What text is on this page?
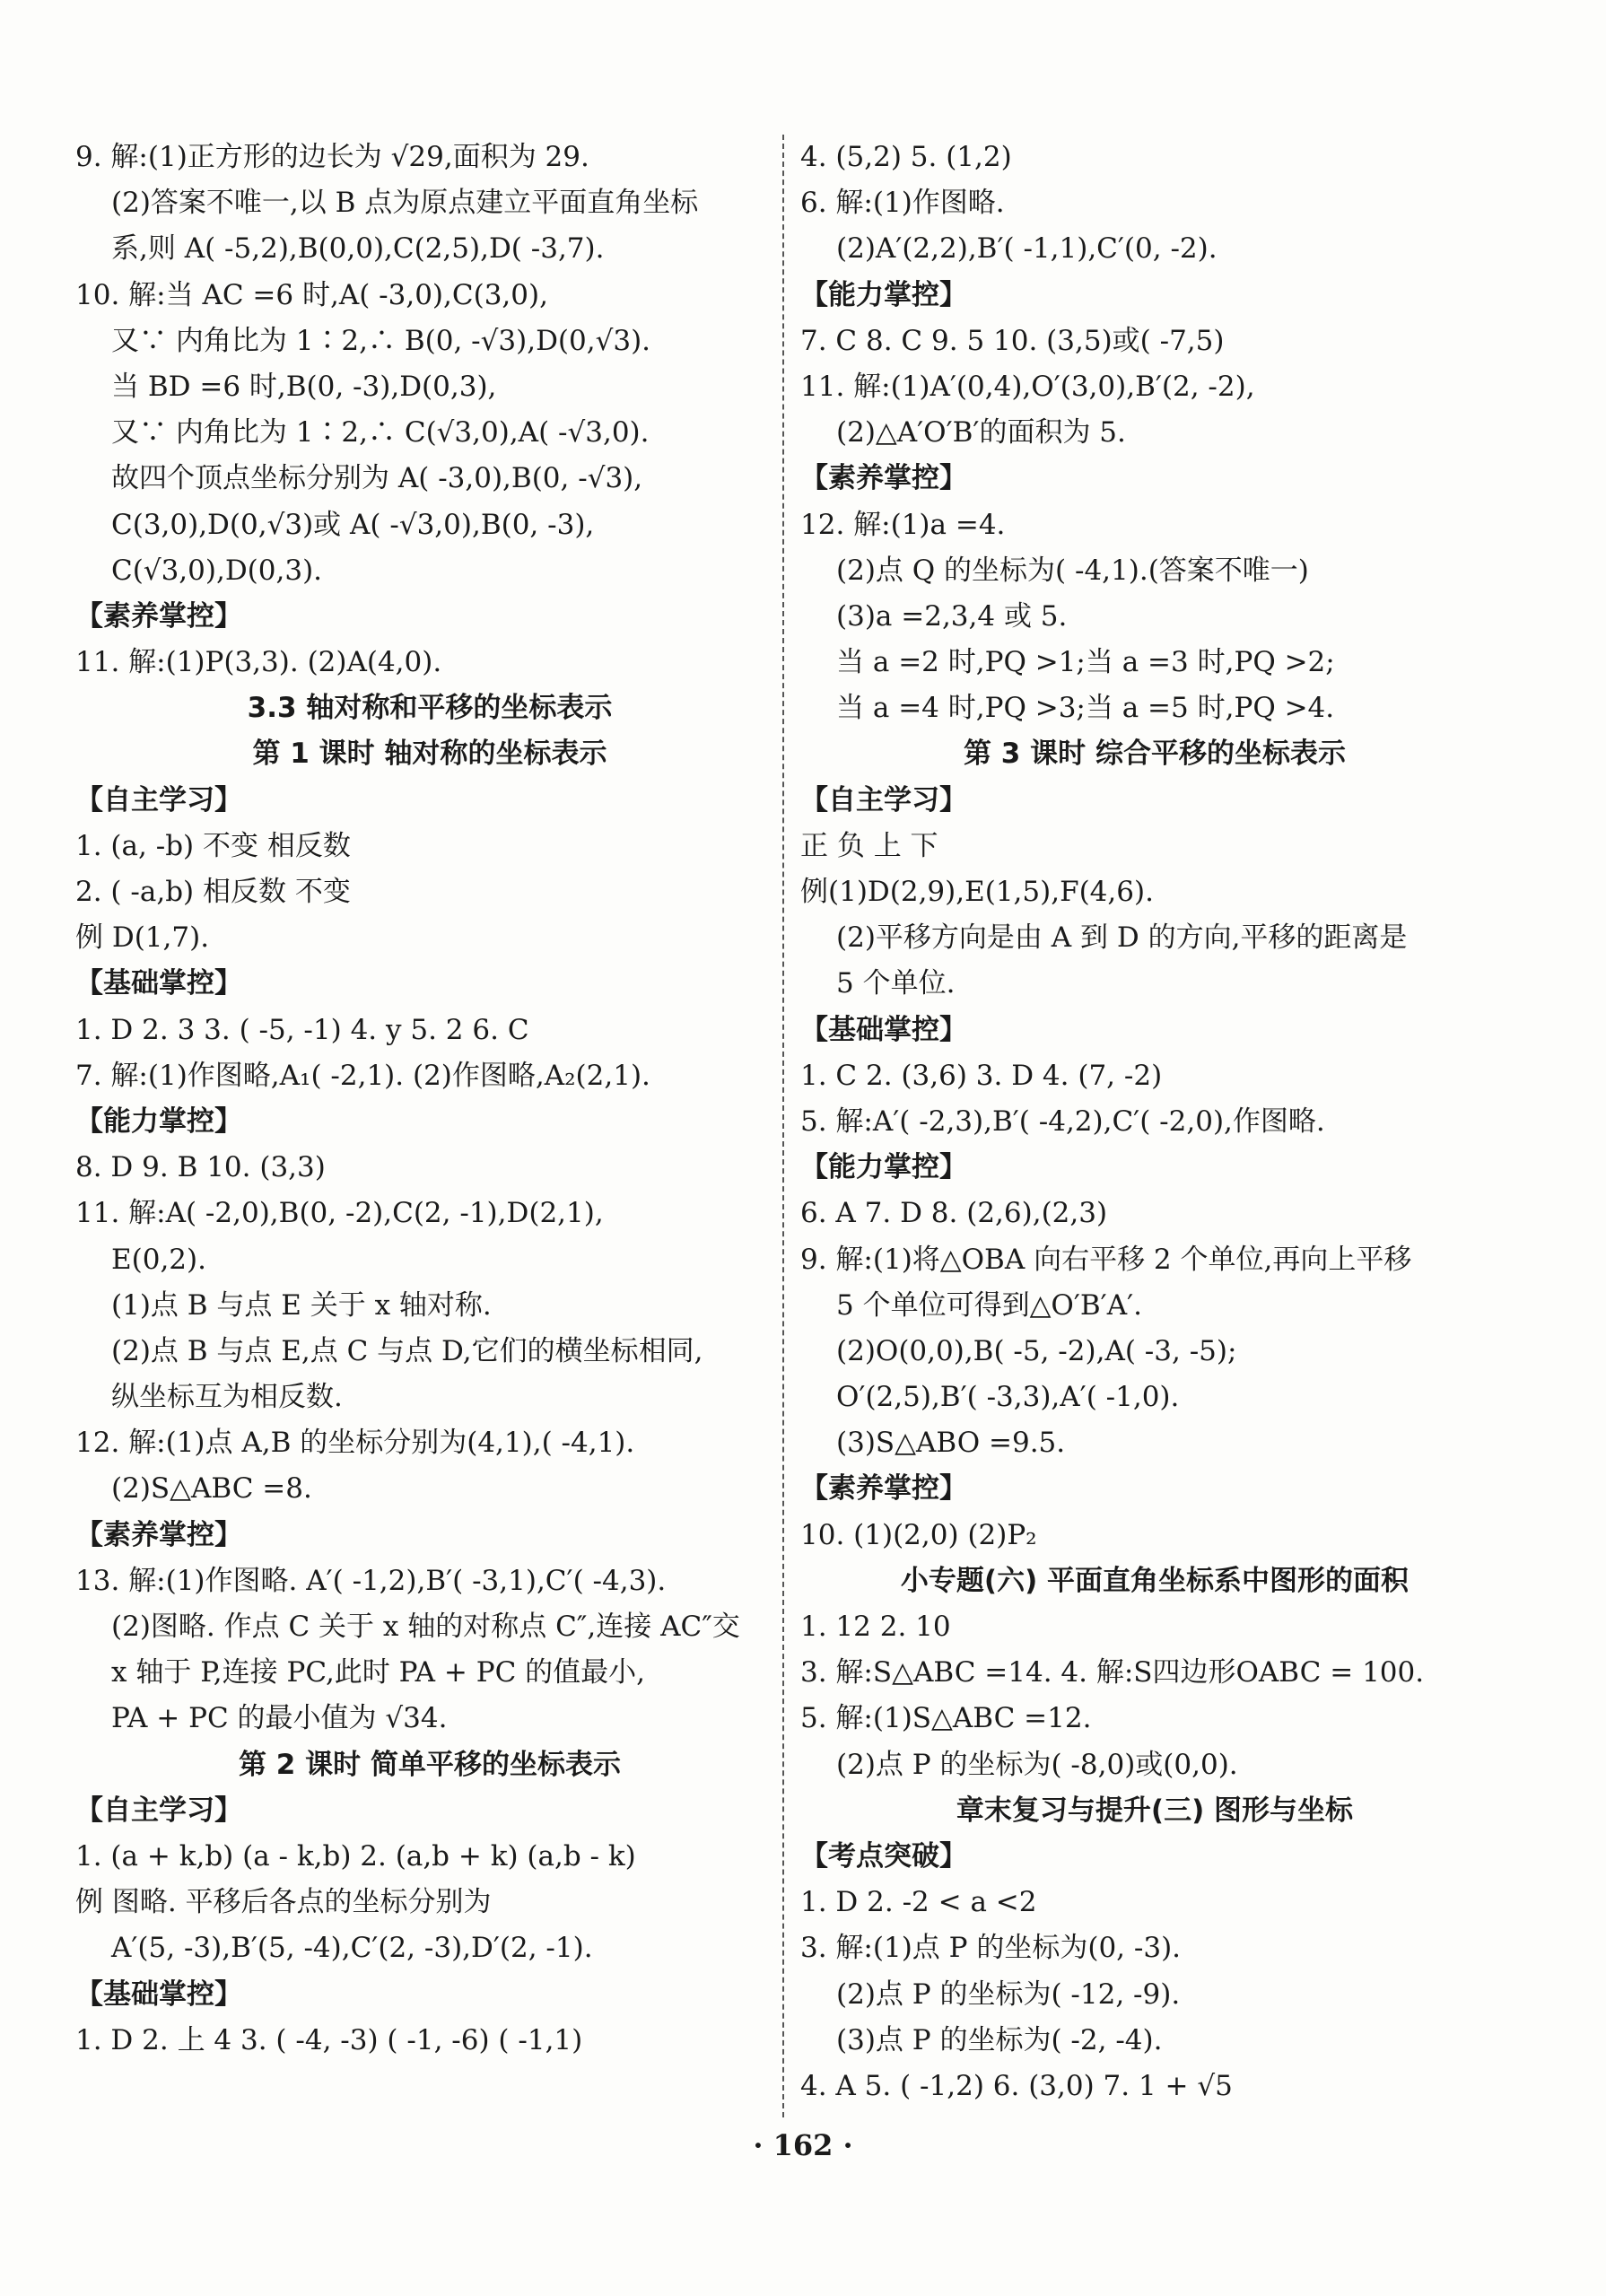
9. 解:(1)正方形的边长为 √29,面积为 29.
(2)答案不唯一,以 B 点为原点建立平面直角坐标
系,则 A( -5,2),B(0,0),C(2,5),D( -3,7).
10. 解:当 AC =6 时,A( -3,0),C(3,0),
又∵ 内角比为 1∶2,∴ B(0, -√3),D(0,√3).
当 BD =6 时,B(0, -3),D(0,3),
又∵ 内角比为 1∶2,∴ C(√3,0),A( -√3,0).
故四个顶点坐标分别为 A( -3,0),B(0, -√3),
C(3,0),D(0,√3)或 A( -√3,0),B(0, -3),
C(√3,0),D(0,3).
【素养掌控】
11. 解:(1)P(3,3). (2)A(4,0).
3.3 轴对称和平移的坐标表示
第 1 课时 轴对称的坐标表示
【自主学习】
1. (a, -b) 不变 相反数
2. ( -a,b) 相反数 不变
例 D(1,7).
【基础掌控】
1. D 2. 3 3. ( -5, -1) 4. y 5. 2 6. C
7. 解:(1)作图略,A₁( -2,1). (2)作图略,A₂(2,1).
【能力掌控】
8. D 9. B 10. (3,3)
11. 解:A( -2,0),B(0, -2),C(2, -1),D(2,1),
E(0,2).
(1)点 B 与点 E 关于 x 轴对称.
(2)点 B 与点 E,点 C 与点 D,它们的横坐标相同,
纵坐标互为相反数.
12. 解:(1)点 A,B 的坐标分别为(4,1),( -4,1).
(2)S△ABC =8.
【素养掌控】
13. 解:(1)作图略. A′( -1,2),B′( -3,1),C′( -4,3).
(2)图略. 作点 C 关于 x 轴的对称点 C″,连接 AC″交
x 轴于 P,连接 PC,此时 PA + PC 的值最小,
PA + PC 的最小值为 √34.
第 2 课时 简单平移的坐标表示
【自主学习】
1. (a + k,b) (a - k,b) 2. (a,b + k) (a,b - k)
例 图略. 平移后各点的坐标分别为
A′(5, -3),B′(5, -4),C′(2, -3),D′(2, -1).
【基础掌控】
1. D 2. 上 4 3. ( -4, -3) ( -1, -6) ( -1,1)
4. (5,2) 5. (1,2)
6. 解:(1)作图略.
(2)A′(2,2),B′( -1,1),C′(0, -2).
【能力掌控】
7. C 8. C 9. 5 10. (3,5)或( -7,5)
11. 解:(1)A′(0,4),O′(3,0),B′(2, -2),
(2)△A′O′B′的面积为 5.
【素养掌控】
12. 解:(1)a =4.
(2)点 Q 的坐标为( -4,1).(答案不唯一)
(3)a =2,3,4 或 5.
当 a =2 时,PQ >1;当 a =3 时,PQ >2;
当 a =4 时,PQ >3;当 a =5 时,PQ >4.
第 3 课时 综合平移的坐标表示
【自主学习】
正 负 上 下
例(1)D(2,9),E(1,5),F(4,6).
(2)平移方向是由 A 到 D 的方向,平移的距离是
5 个单位.
【基础掌控】
1. C 2. (3,6) 3. D 4. (7, -2)
5. 解:A′( -2,3),B′( -4,2),C′( -2,0),作图略.
【能力掌控】
6. A 7. D 8. (2,6),(2,3)
9. 解:(1)将△OBA 向右平移 2 个单位,再向上平移
5 个单位可得到△O′B′A′.
(2)O(0,0),B( -5, -2),A( -3, -5);
O′(2,5),B′( -3,3),A′( -1,0).
(3)S△ABO =9.5.
【素养掌控】
10. (1)(2,0) (2)P₂
小专题(六) 平面直角坐标系中图形的面积
1. 12 2. 10
3. 解:S△ABC =14. 4. 解:S四边形OABC = 100.
5. 解:(1)S△ABC =12.
(2)点 P 的坐标为( -8,0)或(0,0).
章末复习与提升(三) 图形与坐标
【考点突破】
1. D 2. -2 < a <2
3. 解:(1)点 P 的坐标为(0, -3).
(2)点 P 的坐标为( -12, -9).
(3)点 P 的坐标为( -2, -4).
4. A 5. ( -1,2) 6. (3,0) 7. 1 + √5
· 162 ·
